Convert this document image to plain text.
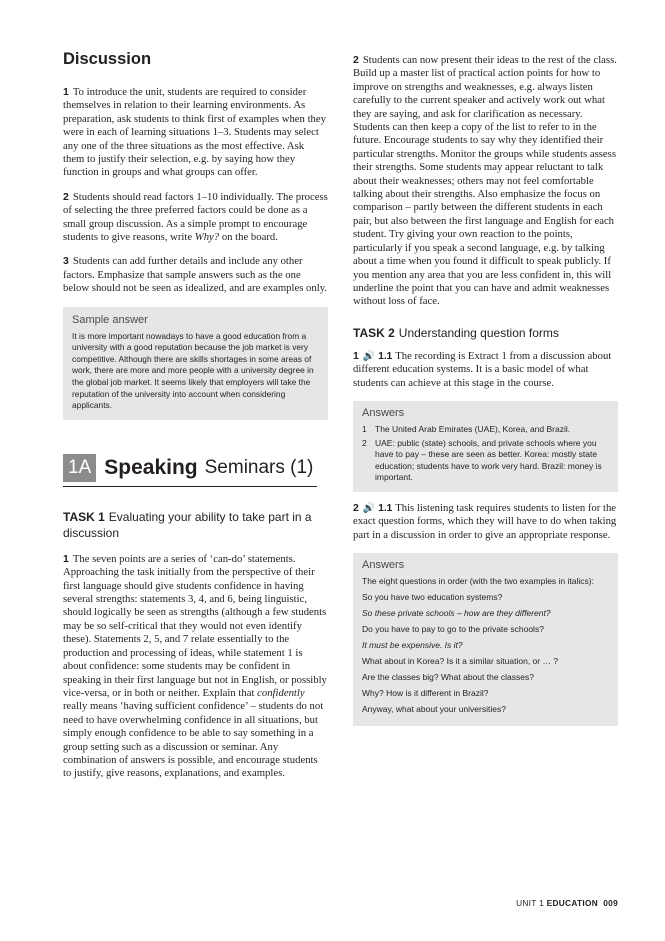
Discussion

1 To introduce the unit, students are required to consider themselves in relation to their learning environments. As preparation, ask students to think first of examples when they were in each of learning situations 1–3. Students may select any one of the three situations as the most effective. Ask them to justify their selection, e.g. by saying how they function in groups and what groups can offer.

2 Students should read factors 1–10 individually. The process of selecting the three preferred factors could be done as a small group discussion. As a simple prompt to encourage students to give reasons, write Why? on the board.

3 Students can add further details and include any other factors. Emphasize that sample answers such as the one below should not be seen as idealized, and are examples only.

Sample answer

It is more important nowadays to have a good education from a university with a good reputation because the job market is very competitive. Although there are skills shortages in some areas of work, there are more and more people with a university degree in the global job market. It seems likely that employers will take the reputation of the university into account when considering applicants.

1A Speaking Seminars (1)
TASK 1 Evaluating your ability to take part in a discussion

1 The seven points are a series of ‘can-do’ statements. Approaching the task initially from the perspective of their first language should give students confidence in having several strengths: statements 3, 4, and 6, being linguistic, should logically be seen as strengths (although a few students may be so self-critical that they would not even identify these). Statements 2, 5, and 7 relate essentially to the production and processing of ideas, while statement 1 is about confidence: some students may be confident in speaking in their first language but not in English, or possibly vice-versa, or in both or neither. Explain that confidently really means ‘having sufficient confidence’ – students do not need to have overwhelming confidence in all situations, but simply enough confidence to be able to say something in a group setting such as a discussion or seminar. Any combination of answers is possible, and encourage students to justify, give reasons, explanations, and examples.

2 Students can now present their ideas to the rest of the class. Build up a master list of practical action points for how to improve on strengths and weaknesses, e.g. always listen carefully to the current speaker and actively work out what they are saying, and ask for clarification as necessary. Students can then keep a copy of the list to refer to in the future. Encourage students to say why they identified their particular strengths. Monitor the groups while students assess their strengths. Some students may appear reluctant to talk about their weaknesses; others may not feel comfortable talking about their strengths. Also emphasize the focus on comparison – partly between the different students in each pair, but also between the first language and English for each student. Try giving your own reaction to the points, particularly if you speak a second language, e.g. by talking about a time when you found it difficult to speak publicly. If you mention any area that you are less confident in, this will underline the point that you can have and admit weaknesses without loss of face.

TASK 2 Understanding question forms

1 🔊 1.1 The recording is Extract 1 from a discussion about different education systems. It is a basic model of what students can achieve at this stage in the course.

Answers
1 The United Arab Emirates (UAE), Korea, and Brazil.
2 UAE: public (state) schools, and private schools where you have to pay – these are seen as better. Korea: mostly state education; students have to work very hard. Brazil: money is important.

2 🔊 1.1 This listening task requires students to listen for the exact question forms, which they will have to do when taking part in a discussion in order to give an appropriate response.

Answers

The eight questions in order (with the two examples in italics):

So you have two education systems?

So these private schools – how are they different?

Do you have to pay to go to the private schools?

It must be expensive. Is it?

What about in Korea? Is it a similar situation, or … ?

Are the classes big? What about the classes?

Why? How is it different in Brazil?

Anyway, what about your universities?

UNIT 1 EDUCATION 009
